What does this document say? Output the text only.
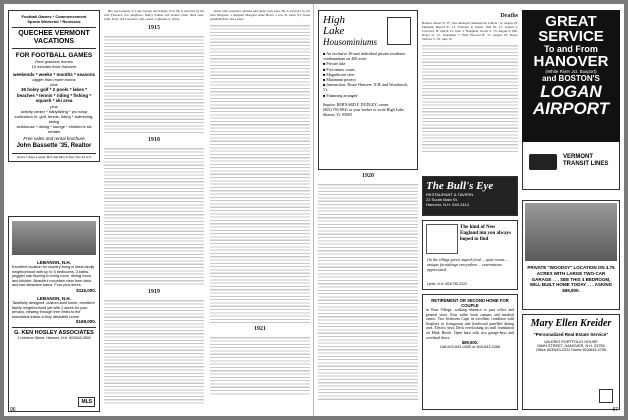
Football Games * Commencement
Sports Weekend * Reunions
QUECHEE VERMONT VACATIONS
FOR FOOTBALL GAMES
Rent gracious homes
10 minutes from Hanover
weekends * weeks * months * seasons
bigger than motel rooms
plus
36 holey golf * 2 pools * lakes * beaches * tennis * riding * fishing * squash * ski area
plus
activity center * babysitting * pro shop instruction in: golf, tennis, riding * swimming, skiing
clubhouse * dining * lounge * children's ski rentals
Free sales and rental brochure
John Bassette '35, Realtor
Hours 7 days a week; Mon-Sat 9am to 5pm Sun 12 to 5
LEBANON, N.H.
Excellent location for country living in ideal family neighborhood with up to 5 bedrooms, 3 baths, pegged oak flooring in living room, dining room, and kitchen. Beautiful mountain view from deck and two attractive barns. Four plus acres.
$115,000.
LEBANON, N.H.
Tastefully designed, custom-built home, excellent family neighborhood yet with 2 acres for your privacy, viewing through tree limbs to the mountains inside a truly desirable home.
$168,000.
G. KEN HOSLEY ASSOCIATES
1 Lebanon Street, Hanover, N.H. 603/643-3500
MLS

His was formerly of Lake George and Albany, N.Y. He is survived by his wife Florence, two daughters, Nancy Palmer and Jeanne Clark, three sons, John, Peter, and Lawrence; and a sister, Catherine A. Watts.

1915
1918
1919

home with extensive gardens and many fruit trees. He is survived by his wife Margaret; a daughter Margaret Anne Howe; a son, H. Jones '43; seven grandchildren; and a sister.

1921
96
High
Lake
Housominiums
■ An exclusive 20-unit individual private residence condominium on 400 acres
■ Private lake
■ Five tennis courts
■ Magnificent view
■ Maximum privacy
■ Intersection: Route Hanover, N.H. and Woodstock, Vt.
■ Financing arranged
Inquire: BERNARD F. DUDLEY, owner
(802) 765-9841 or your broker or write High Lake, Sharon, Vt. 05065
1920
The Bull's Eye
RESTAURANT & TAVERN
22 South Main St.
Hanover, N.H. 643-3114
The kind of New England inn you always hoped to find
On the village green, superb food ... quiet rooms ... antique furnishings everywhere ... reservations appreciated
Lyme, N.H. 603/795-2222
RETIREMENT OR SECOND HOME FOR COUPLE
in Etna Village, walking distance to post office and general store. Four miles from campus and medical center. Two bedroom Cape in excellent condition with fireplace in livingroom and hardwood panelled dining area. Electric heat. Deck overlooking six mill foundation on Mink Brook. Open barn with two garage-bays and overhead doors.
$89,500.
Call 603-643-4050 or 603-643-2285
Deaths

Hanson, Albert W. '07, date unknown; Rindestrom, John R. '12, August 23; Pinkham, Harold B. '13, February 9; Moser, Paul M. '15, August 2; Clawford, H. Marsh '15, June 3; Hodgman, Norris T. '15, August 9; Hill, Roger D. '17, September 7; Hall, Howard B. '17, August 25; Rowe, Wallace S. '18, June 19

GREAT
SERVICE
To and From
HANOVER
(White River Jct. Busport)
and BOSTON'S
LOGAN
AIRPORT
VERMONT TRANSIT LINES
PRIVATE "WOODSY" LOCATION ON 4.75 ACRES WITH LARGE TWO-CAR GARAGE . . . SEE THIS 4 BEDROOM, WILL BUILT HOME TODAY . . . ASKING $69,900.
Mary Ellen Kreider
"Personalized Real Estate Service"
VALERIO PORTFOLIO HOUSE
MAIN STREET, HANOVER, N.H. 03755
Office 603/643-2222 Home 603/643-4756
97
